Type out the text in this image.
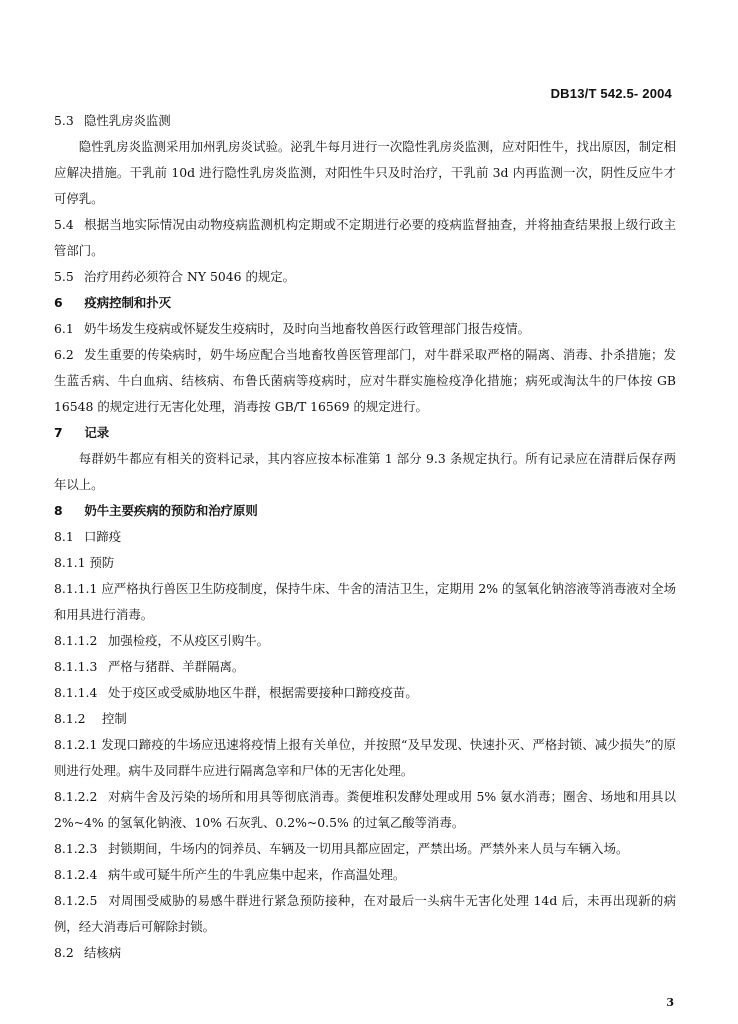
DB13/T 542.5- 2004

5.3 隐性乳房炎监测

隐性乳房炎监测采用加州乳房炎试验。泌乳牛每月进行一次隐性乳房炎监测，应对阳性牛，找出原因，制定相应解决措施。干乳前 10d 进行隐性乳房炎监测，对阳性牛只及时治疗，干乳前 3d 内再监测一次，阴性反应牛才可停乳。

5.4 根据当地实际情况由动物疫病监测机构定期或不定期进行必要的疫病监督抽查，并将抽查结果报上级行政主管部门。

5.5 治疗用药必须符合 NY 5046 的规定。

6 疫病控制和扑灭

6.1 奶牛场发生疫病或怀疑发生疫病时，及时向当地畜牧兽医行政管理部门报告疫情。

6.2 发生重要的传染病时，奶牛场应配合当地畜牧兽医管理部门，对牛群采取严格的隔离、消毒、扑杀措施；发生蓝舌病、牛白血病、结核病、布鲁氏菌病等疫病时，应对牛群实施检疫净化措施；病死或淘汰牛的尸体按 GB 16548 的规定进行无害化处理，消毒按 GB/T 16569 的规定进行。

7 记录

每群奶牛都应有相关的资料记录，其内容应按本标准第 1 部分 9.3 条规定执行。所有记录应在清群后保存两年以上。

8 奶牛主要疾病的预防和治疗原则

8.1 口蹄疫

8.1.1 预防

8.1.1.1 应严格执行兽医卫生防疫制度，保持牛床、牛舍的清洁卫生，定期用 2% 的氢氧化钠溶液等消毒液对全场和用具进行消毒。

8.1.1.2 加强检疫，不从疫区引购牛。

8.1.1.3 严格与猪群、羊群隔离。

8.1.1.4 处于疫区或受威胁地区牛群，根据需要接种口蹄疫疫苗。

8.1.2 控制

8.1.2.1 发现口蹄疫的牛场应迅速将疫情上报有关单位，并按照“及早发现、快速扑灭、严格封锁、减少损失”的原则进行处理。病牛及同群牛应进行隔离急宰和尸体的无害化处理。

8.1.2.2 对病牛舍及污染的场所和用具等彻底消毒。粪便堆积发酵处理或用 5% 氨水消毒；圈舍、场地和用具以 2%~4% 的氢氧化钠液、10% 石灰乳、0.2%~0.5% 的过氧乙酸等消毒。

8.1.2.3 封锁期间，牛场内的饲养员、车辆及一切用具都应固定，严禁出场。严禁外来人员与车辆入场。

8.1.2.4 病牛或可疑牛所产生的牛乳应集中起来，作高温处理。

8.1.2.5 对周围受威胁的易感牛群进行紧急预防接种，在对最后一头病牛无害化处理 14d 后，未再出现新的病例，经大消毒后可解除封锁。

8.2 结核病

3
